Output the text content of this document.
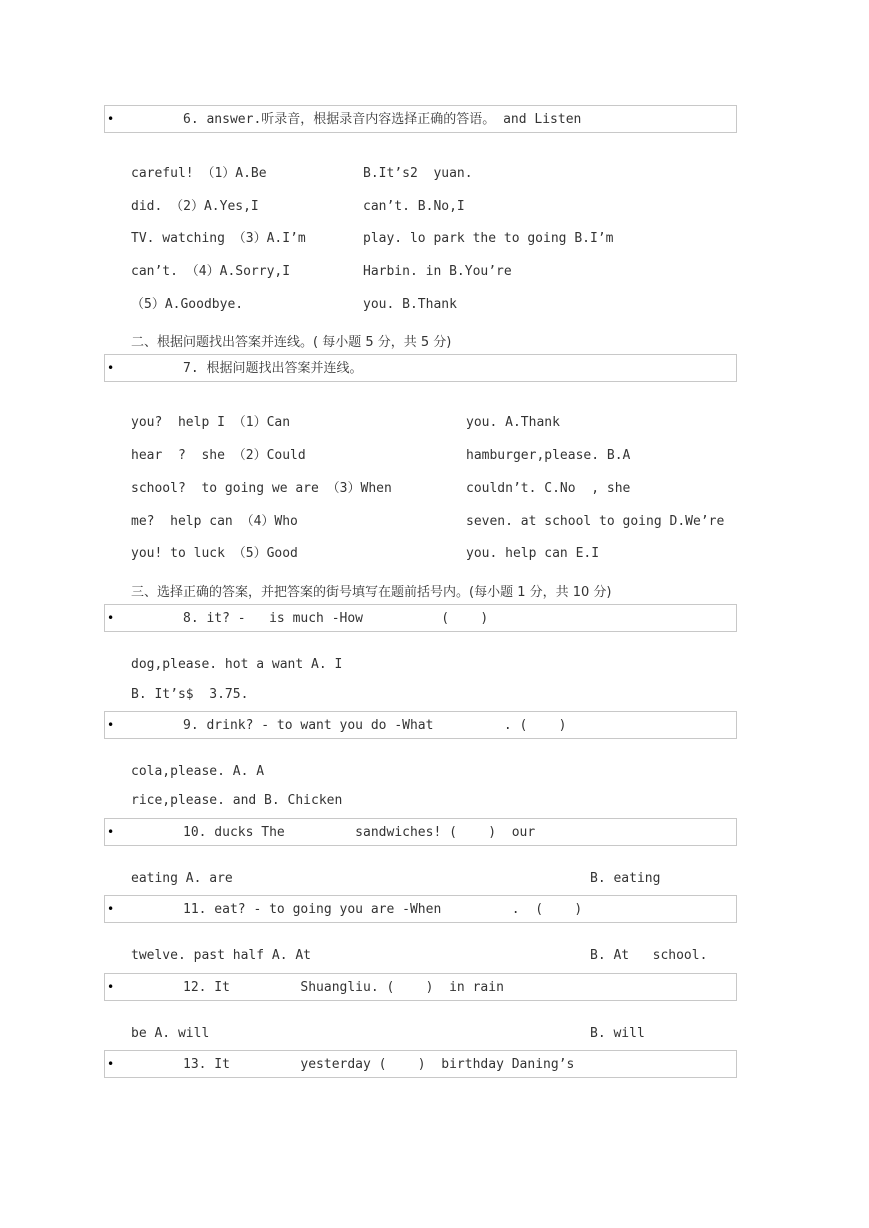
•	6. answer.听录音，根据录音内容选择正确的答语。 and Listen
careful! （1）A.Be	B.It’s2  yuan.
did. （2）A.Yes,I	can’t. B.No,I
TV. watching （3）A.I’m	play. lo park the to going B.I’m
can’t. （4）A.Sorry,I	Harbin. in B.You’re
（5）A.Goodbye.	you. B.Thank
二、根据问题找出答案并连线。( 每小题 5 分，共 5 分)
•	7. 根据问题找出答案并连线。
you?  help I （1）Can	you. A.Thank
hear  ?  she （2）Could	hamburger,please. B.A
school?  to going we are （3）When	couldn’t. C.No  , she
me?  help can （4）Who	seven. at school to going D.We’re
you! to luck （5）Good	you. help can E.I
三、选择正确的答案，并把答案的街号填写在题前括号内。(每小题 1 分，共 10 分)
•	8. it? -   is much -How          (    )
dog,please. hot a want A. I
B. It’s$  3.75.
•	9. drink? - to want you do -What         . (    )
cola,please. A. A
rice,please. and B. Chicken
•	10. ducks The         sandwiches! (    )  our
eating A. are	B. eating
•	11. eat? - to going you are -When         .  (    )
twelve. past half A. At	B. At   school.
•	12. It         Shuangliu. (    )  in rain
be A. will	B. will
•	13. It         yesterday (    )  birthday Daning’s
